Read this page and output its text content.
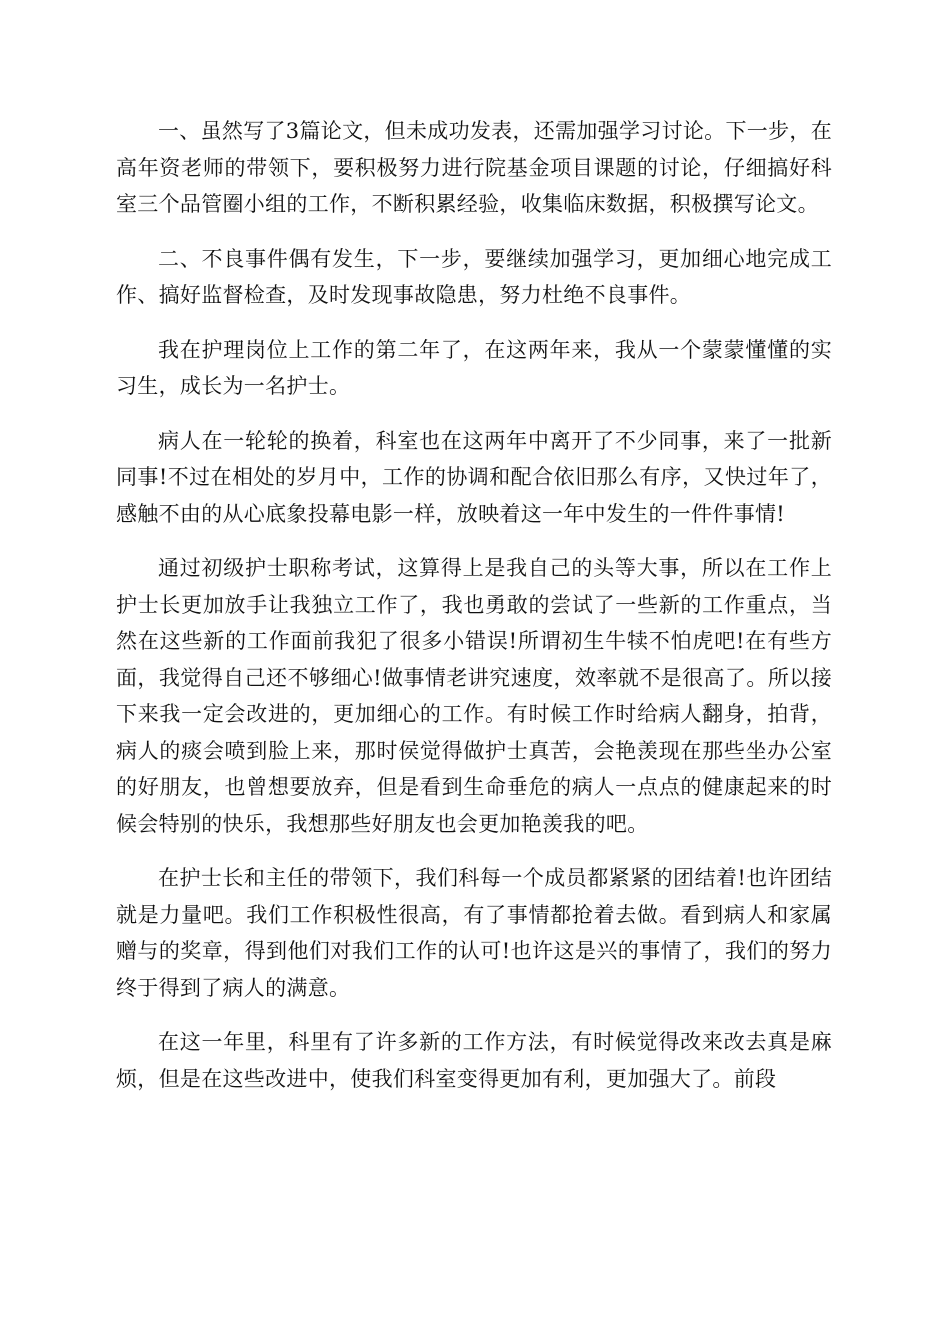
一、虽然写了3篇论文，但未成功发表，还需加强学习讨论。下一步，在高年资老师的带领下，要积极努力进行院基金项目课题的讨论，仔细搞好科室三个品管圈小组的工作，不断积累经验，收集临床数据，积极撰写论文。

二、不良事件偶有发生，下一步，要继续加强学习，更加细心地完成工作、搞好监督检查，及时发现事故隐患，努力杜绝不良事件。

我在护理岗位上工作的第二年了，在这两年来，我从一个蒙蒙懂懂的实习生，成长为一名护士。

病人在一轮轮的换着，科室也在这两年中离开了不少同事，来了一批新同事!不过在相处的岁月中，工作的协调和配合依旧那么有序，又快过年了，感触不由的从心底象投幕电影一样，放映着这一年中发生的一件件事情!

通过初级护士职称考试，这算得上是我自己的头等大事，所以在工作上护士长更加放手让我独立工作了，我也勇敢的尝试了一些新的工作重点，当然在这些新的工作面前我犯了很多小错误!所谓初生牛犊不怕虎吧!在有些方面，我觉得自己还不够细心!做事情老讲究速度，效率就不是很高了。所以接下来我一定会改进的，更加细心的工作。有时候工作时给病人翻身，拍背，病人的痰会喷到脸上来，那时侯觉得做护士真苦，会艳羡现在那些坐办公室的好朋友，也曾想要放弃，但是看到生命垂危的病人一点点的健康起来的时候会特别的快乐，我想那些好朋友也会更加艳羡我的吧。

在护士长和主任的带领下，我们科每一个成员都紧紧的团结着!也许团结就是力量吧。我们工作积极性很高，有了事情都抢着去做。看到病人和家属赠与的奖章，得到他们对我们工作的认可!也许这是兴的事情了，我们的努力终于得到了病人的满意。

在这一年里，科里有了许多新的工作方法，有时候觉得改来改去真是麻烦，但是在这些改进中，使我们科室变得更加有利，更加强大了。前段
